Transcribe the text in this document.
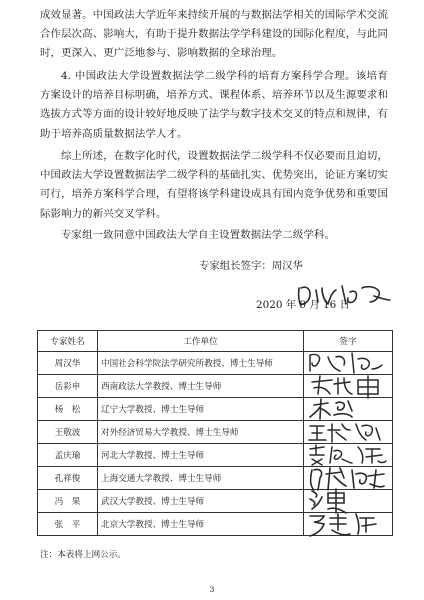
成效显著。中国政法大学近年来持续开展的与数据法学相关的国际学术交流合作层次高、影响大，有助于提升数据法学学科建设的国际化程度，与此同时，更深入、更广泛地参与、影响数据的全球治理。

4. 中国政法大学设置数据法学二级学科的培育方案科学合理。该培育方案设计的培养目标明确，培养方式、课程体系、培养环节以及生源要求和选拔方式等方面的设计较好地反映了法学与数字技术交叉的特点和规律，有助于培养高质量数据法学人才。

综上所述，在数字化时代，设置数据法学二级学科不仅必要而且迫切，中国政法大学设置数据法学二级学科的基础扎实、优势突出，论证方案切实可行，培养方案科学合理，有望将该学科建设成具有国内竞争优势和重要国际影响力的新兴交叉学科。

专家组一致同意中国政法大学自主设置数据法学二级学科。

专家组长签字：周汉华
2020 年 9 月 16 日
专家姓名	工作单位	签字
周汉华	中国社会科学院法学研究所教授、博士生导师	

岳彩申	西南政法大学教授、博士生导师	

杨　松	辽宁大学教授、博士生导师	

王敬波	对外经济贸易大学教授、博士生导师	

孟庆瑜	河北大学教授、博士生导师	

孔祥俊	上海交通大学教授、博士生导师	

冯　果	武汉大学教授、博士生导师	

张　平	北京大学教授、博士生导师	
注：本表将上网公示。
3
